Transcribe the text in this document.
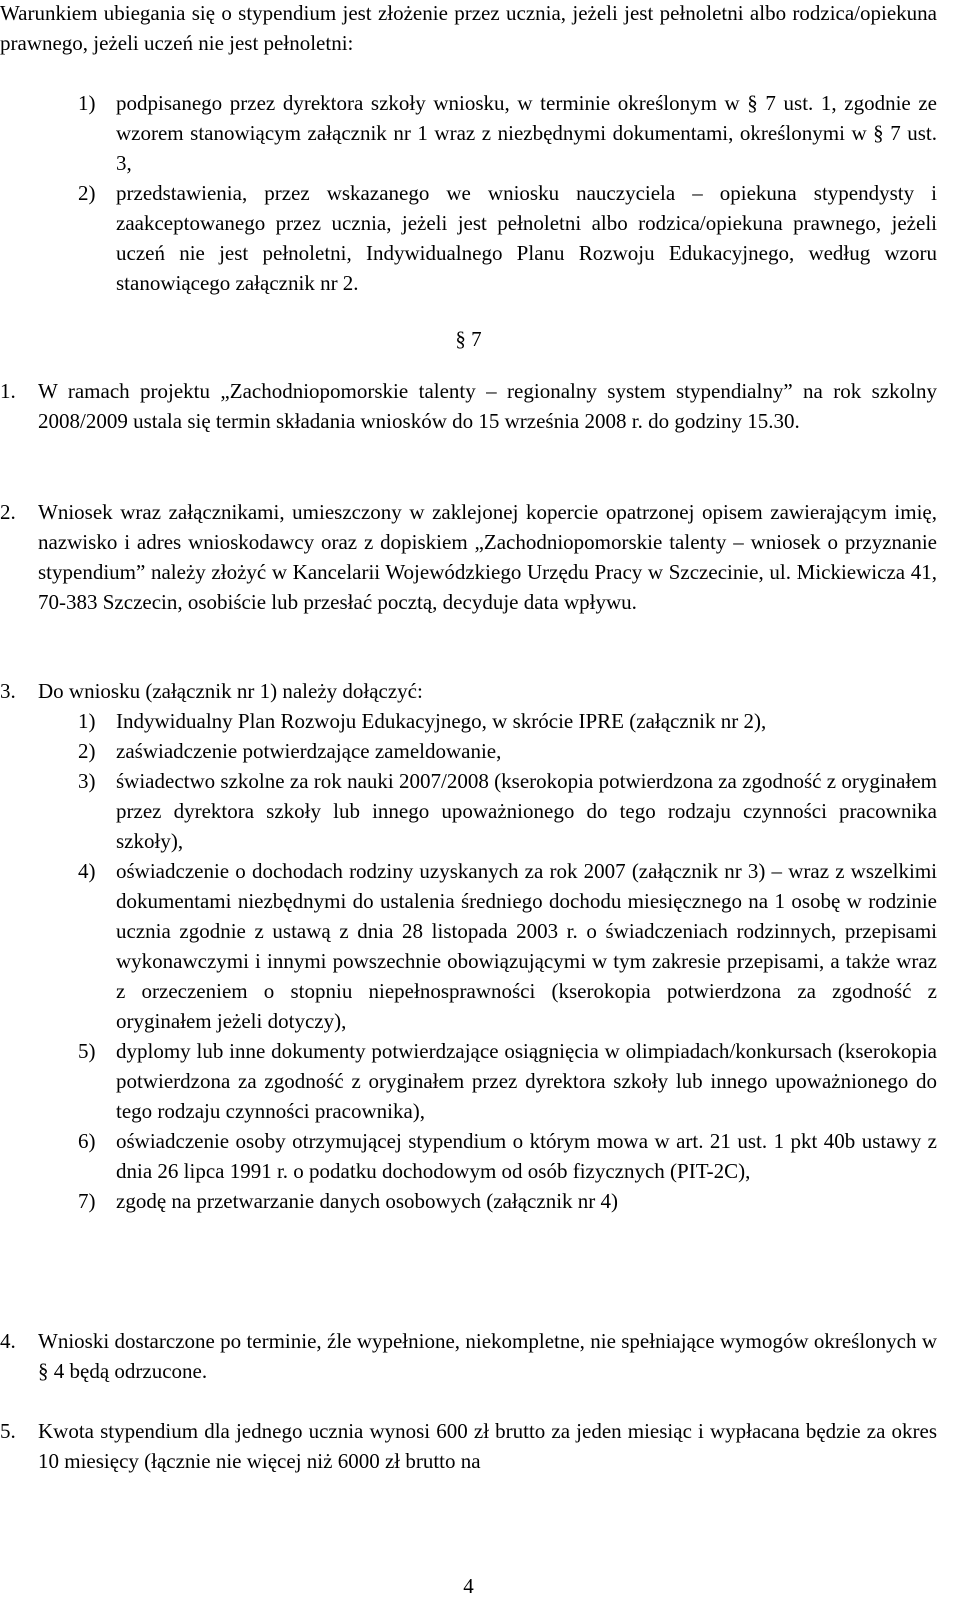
Warunkiem ubiegania się o stypendium jest złożenie przez ucznia, jeżeli jest pełnoletni albo rodzica/opiekuna prawnego, jeżeli uczeń nie jest pełnoletni:

1) podpisanego przez dyrektora szkoły wniosku, w terminie określonym w § 7 ust. 1, zgodnie ze wzorem stanowiącym załącznik nr 1 wraz z niezbędnymi dokumentami, określonymi w § 7 ust. 3,
2) przedstawienia, przez wskazanego we wniosku nauczyciela – opiekuna stypendysty i zaakceptowanego przez ucznia, jeżeli jest pełnoletni albo rodzica/opiekuna prawnego, jeżeli uczeń nie jest pełnoletni, Indywidualnego Planu Rozwoju Edukacyjnego, według wzoru stanowiącego załącznik nr 2.
§ 7
1.	W ramach projektu „Zachodniopomorskie talenty – regionalny system stypendialny” na rok szkolny 2008/2009 ustala się termin składania wniosków do 15 września 2008 r. do godziny 15.30.
2.	Wniosek wraz załącznikami, umieszczony w zaklejonej kopercie opatrzonej opisem zawierającym imię, nazwisko i adres wnioskodawcy oraz z dopiskiem „Zachodniopomorskie talenty – wniosek o przyznanie stypendium” należy złożyć w Kancelarii Wojewódzkiego Urzędu Pracy w Szczecinie, ul. Mickiewicza 41, 70-383 Szczecin, osobiście lub przesłać pocztą, decyduje data wpływu.
3.	Do wniosku (załącznik nr 1) należy dołączyć:
1) Indywidualny Plan Rozwoju Edukacyjnego, w skrócie IPRE (załącznik nr 2),
2) zaświadczenie potwierdzające zameldowanie,
3) świadectwo szkolne za rok nauki 2007/2008 (kserokopia potwierdzona za zgodność z oryginałem przez dyrektora szkoły lub innego upoważnionego do tego rodzaju czynności pracownika szkoły),
4) oświadczenie o dochodach rodziny uzyskanych za rok 2007 (załącznik nr 3) – wraz z wszelkimi dokumentami niezbędnymi do ustalenia średniego dochodu miesięcznego na 1 osobę w rodzinie ucznia zgodnie z ustawą z dnia 28 listopada 2003 r. o świadczeniach rodzinnych, przepisami wykonawczymi i innymi powszechnie obowiązującymi w tym zakresie przepisami, a także wraz z orzeczeniem o stopniu niepełnosprawności (kserokopia potwierdzona za zgodność z oryginałem jeżeli dotyczy),
5) dyplomy lub inne dokumenty potwierdzające osiągnięcia w olimpiadach/konkursach (kserokopia potwierdzona za zgodność z oryginałem przez dyrektora szkoły lub innego upoważnionego do tego rodzaju czynności pracownika),
6) oświadczenie osoby otrzymującej stypendium o którym mowa w art. 21 ust. 1 pkt 40b ustawy z dnia 26 lipca 1991 r. o podatku dochodowym od osób fizycznych (PIT-2C),
7) zgodę na przetwarzanie danych osobowych (załącznik nr 4)
4.	Wnioski dostarczone po terminie, źle wypełnione, niekompletne, nie spełniające wymogów określonych w § 4 będą odrzucone.
5.	Kwota stypendium dla jednego ucznia wynosi 600 zł brutto za jeden miesiąc i wypłacana będzie za okres 10 miesięcy (łącznie nie więcej niż 6000 zł brutto na
4
